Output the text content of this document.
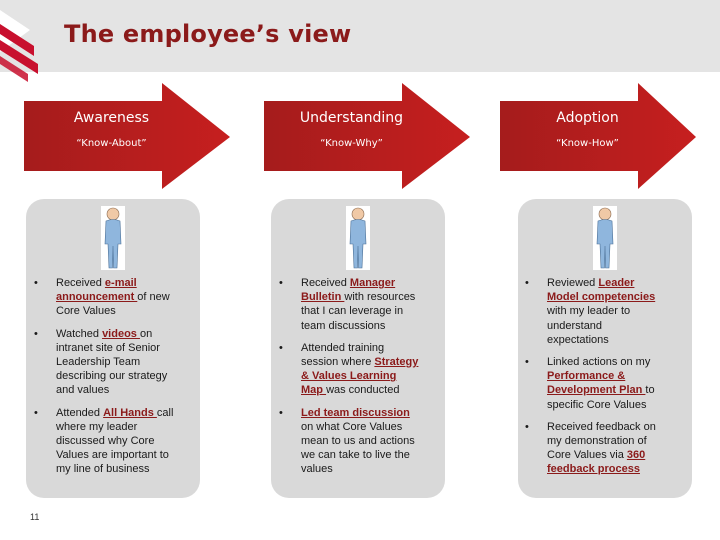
The employee’s view
Awareness
“Know-About”
Understanding
“Know-Why”
Adoption
“Know-How”
• Received e-mail announcement of new Core Values
• Watched videos on intranet site of Senior Leadership Team describing our strategy and values
• Attended All Hands call where my leader discussed why Core Values are important to my line of business
• Received Manager Bulletin with resources that I can leverage in team discussions
• Attended training session where Strategy & Values Learning Map was conducted
• Led team discussion on what Core Values mean to us and actions we can take to live the values
• Reviewed Leader Model competencies with my leader to understand expectations
• Linked actions on my Performance & Development Plan to specific Core Values
• Received feedback on my demonstration of Core Values via 360 feedback process
11
